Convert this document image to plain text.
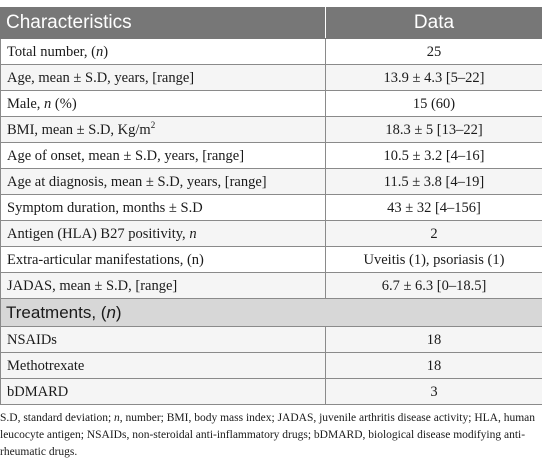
Characteristics	Data
Total number, (n)	25
Age, mean ± S.D, years, [range]	13.9 ± 4.3 [5–22]
Male, n (%)	15 (60)
BMI, mean ± S.D, $Kg/m^2$	18.3 ± 5 [13–22]
Age of onset, mean ± S.D, years, [range]	10.5 ± 3.2 [4–16]
Age at diagnosis, mean ± S.D, years, [range]	11.5 ± 3.8 [4–19]
Symptom duration, months ± S.D	43 ± 32 [4–156]
Antigen (HLA) B27 positivity, n	2
Extra-articular manifestations, (n)	Uveitis (1), psoriasis (1)
JADAS, mean ± S.D, [range]	6.7 ± 6.3 [0–18.5]
Treatments, (n)	
NSAIDs	18
Methotrexate	18
bDMARD	3

S.D, standard deviation; n, number; BMI, body mass index; JADAS, juvenile arthritis disease activity; HLA, human leucocyte antigen; NSAIDs, non-steroidal anti-inflammatory drugs; bDMARD, biological disease modifying anti-rheumatic drugs.
